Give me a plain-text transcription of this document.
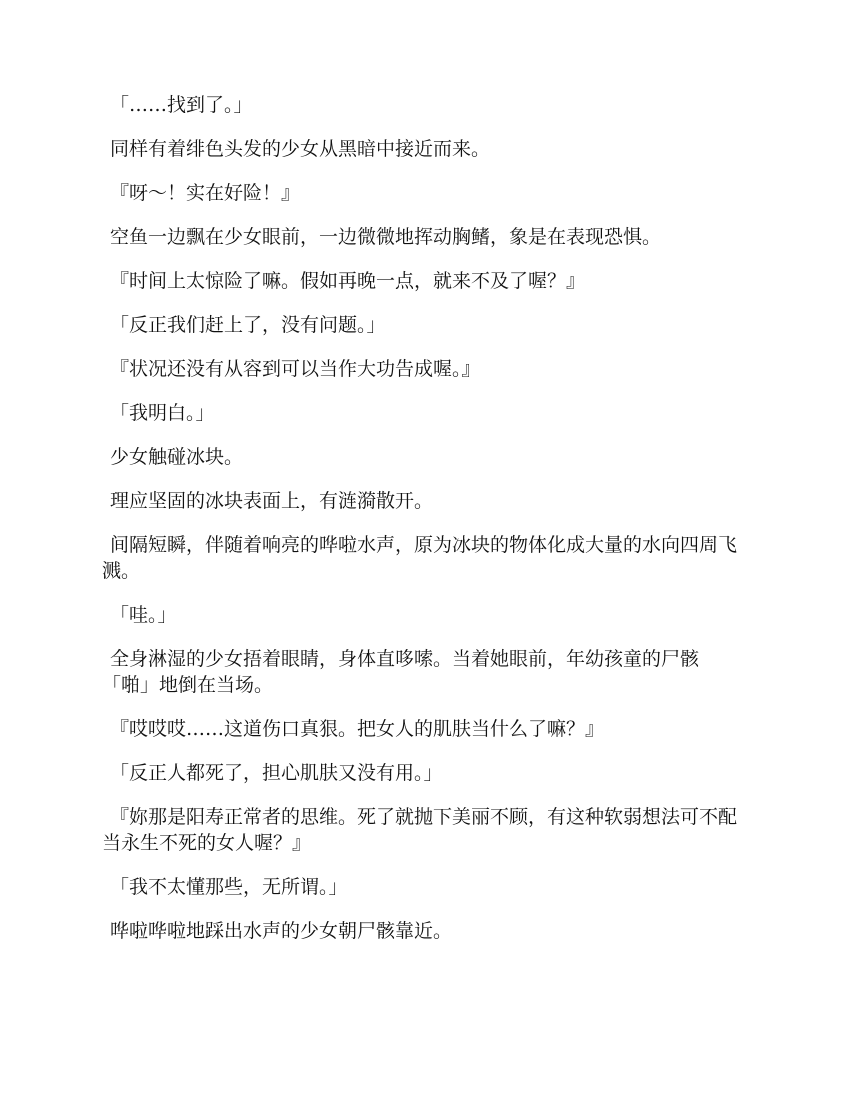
「……找到了。」

同样有着绯色头发的少女从黑暗中接近而来。

『呀～！实在好险！』

空鱼一边飘在少女眼前，一边微微地挥动胸鳍，象是在表现恐惧。

『时间上太惊险了嘛。假如再晚一点，就来不及了喔？』

「反正我们赶上了，没有问题。」

『状况还没有从容到可以当作大功告成喔。』

「我明白。」

少女触碰冰块。

理应坚固的冰块表面上，有涟漪散开。

间隔短瞬，伴随着响亮的哗啦水声，原为冰块的物体化成大量的水向四周飞溅。

「哇。」

全身淋湿的少女捂着眼睛，身体直哆嗦。当着她眼前，年幼孩童的尸骸「啪」地倒在当场。

『哎哎哎……这道伤口真狠。把女人的肌肤当什么了嘛？』

「反正人都死了，担心肌肤又没有用。」

『妳那是阳寿正常者的思维。死了就抛下美丽不顾，有这种软弱想法可不配当永生不死的女人喔？』

「我不太懂那些，无所谓。」

哗啦哗啦地踩出水声的少女朝尸骸靠近。
